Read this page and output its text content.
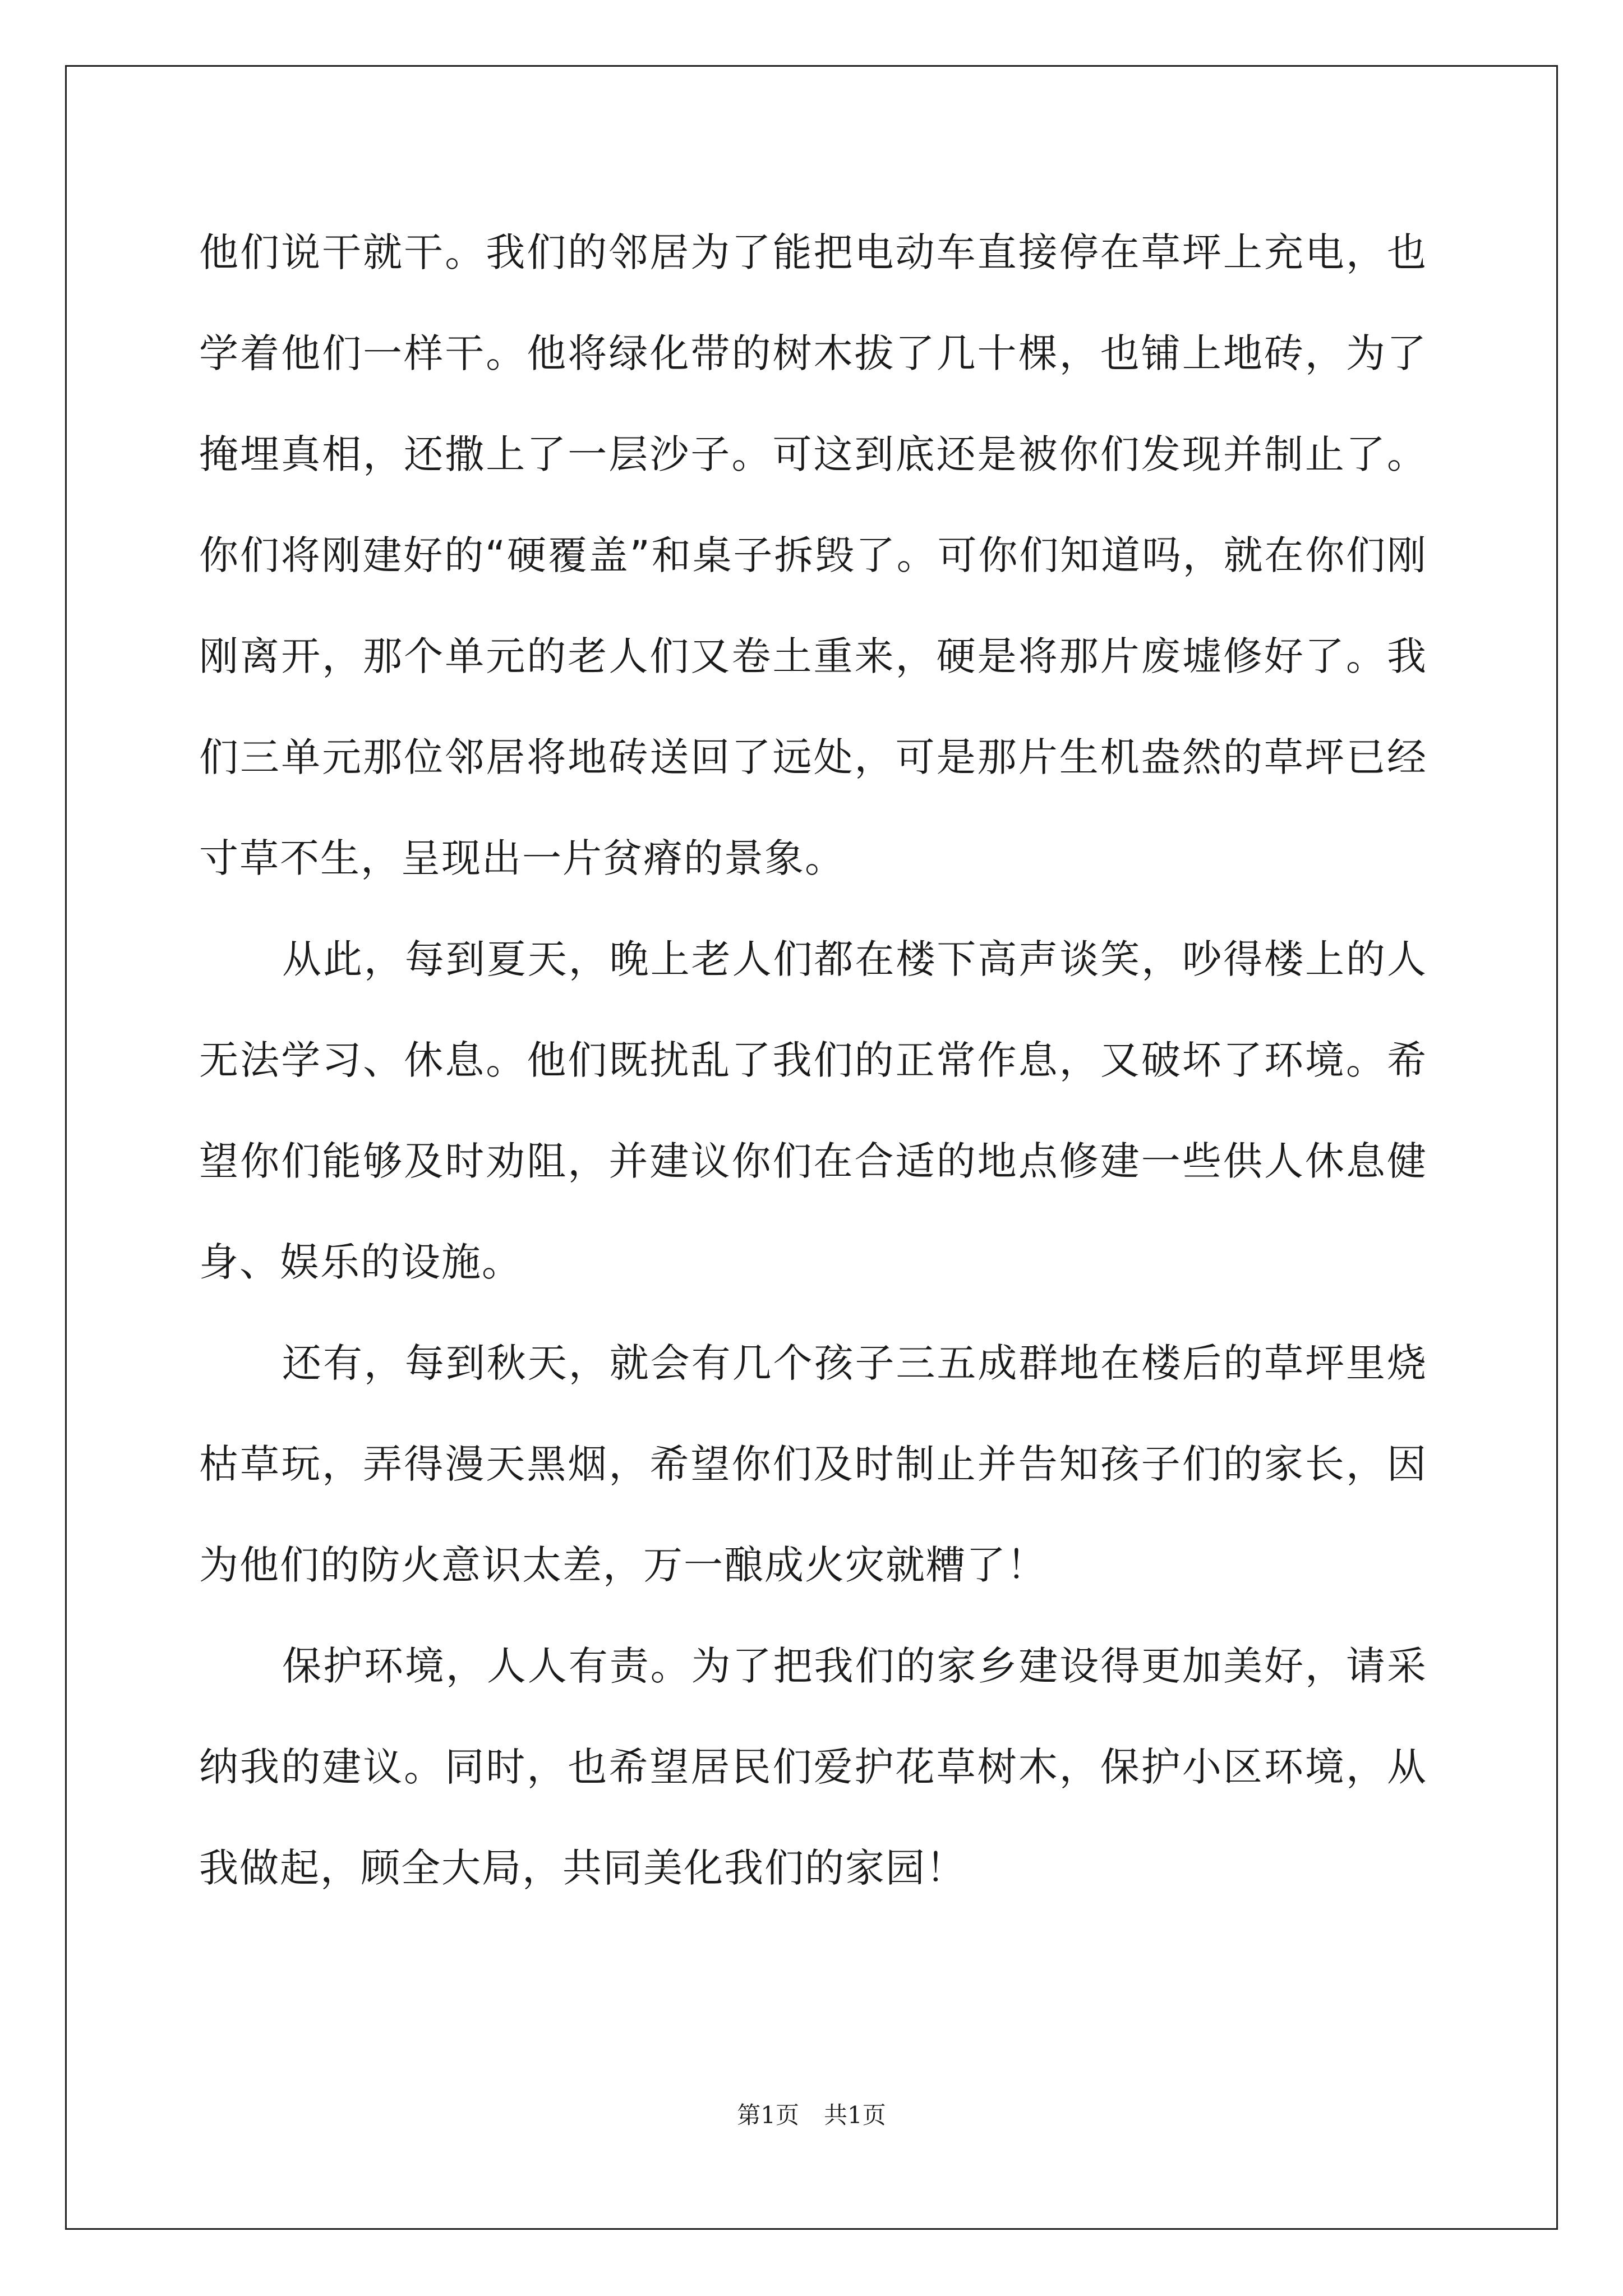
他们说干就干。我们的邻居为了能把电动车直接停在草坪上充电，也学着他们一样干。他将绿化带的树木拔了几十棵，也铺上地砖，为了掩埋真相，还撒上了一层沙子。可这到底还是被你们发现并制止了。你们将刚建好的“硬覆盖”和桌子拆毁了。可你们知道吗，就在你们刚刚离开，那个单元的老人们又卷土重来，硬是将那片废墟修好了。我们三单元那位邻居将地砖送回了远处，可是那片生机盎然的草坪已经寸草不生，呈现出一片贫瘠的景象。

从此，每到夏天，晚上老人们都在楼下高声谈笑，吵得楼上的人无法学习、休息。他们既扰乱了我们的正常作息，又破坏了环境。希望你们能够及时劝阻，并建议你们在合适的地点修建一些供人休息健身、娱乐的设施。

还有，每到秋天，就会有几个孩子三五成群地在楼后的草坪里烧枯草玩，弄得漫天黑烟，希望你们及时制止并告知孩子们的家长，因为他们的防火意识太差，万一酿成火灾就糟了！

保护环境，人人有责。为了把我们的家乡建设得更加美好，请采纳我的建议。同时，也希望居民们爱护花草树木，保护小区环境，从我做起，顾全大局，共同美化我们的家园！

第1页 共1页
